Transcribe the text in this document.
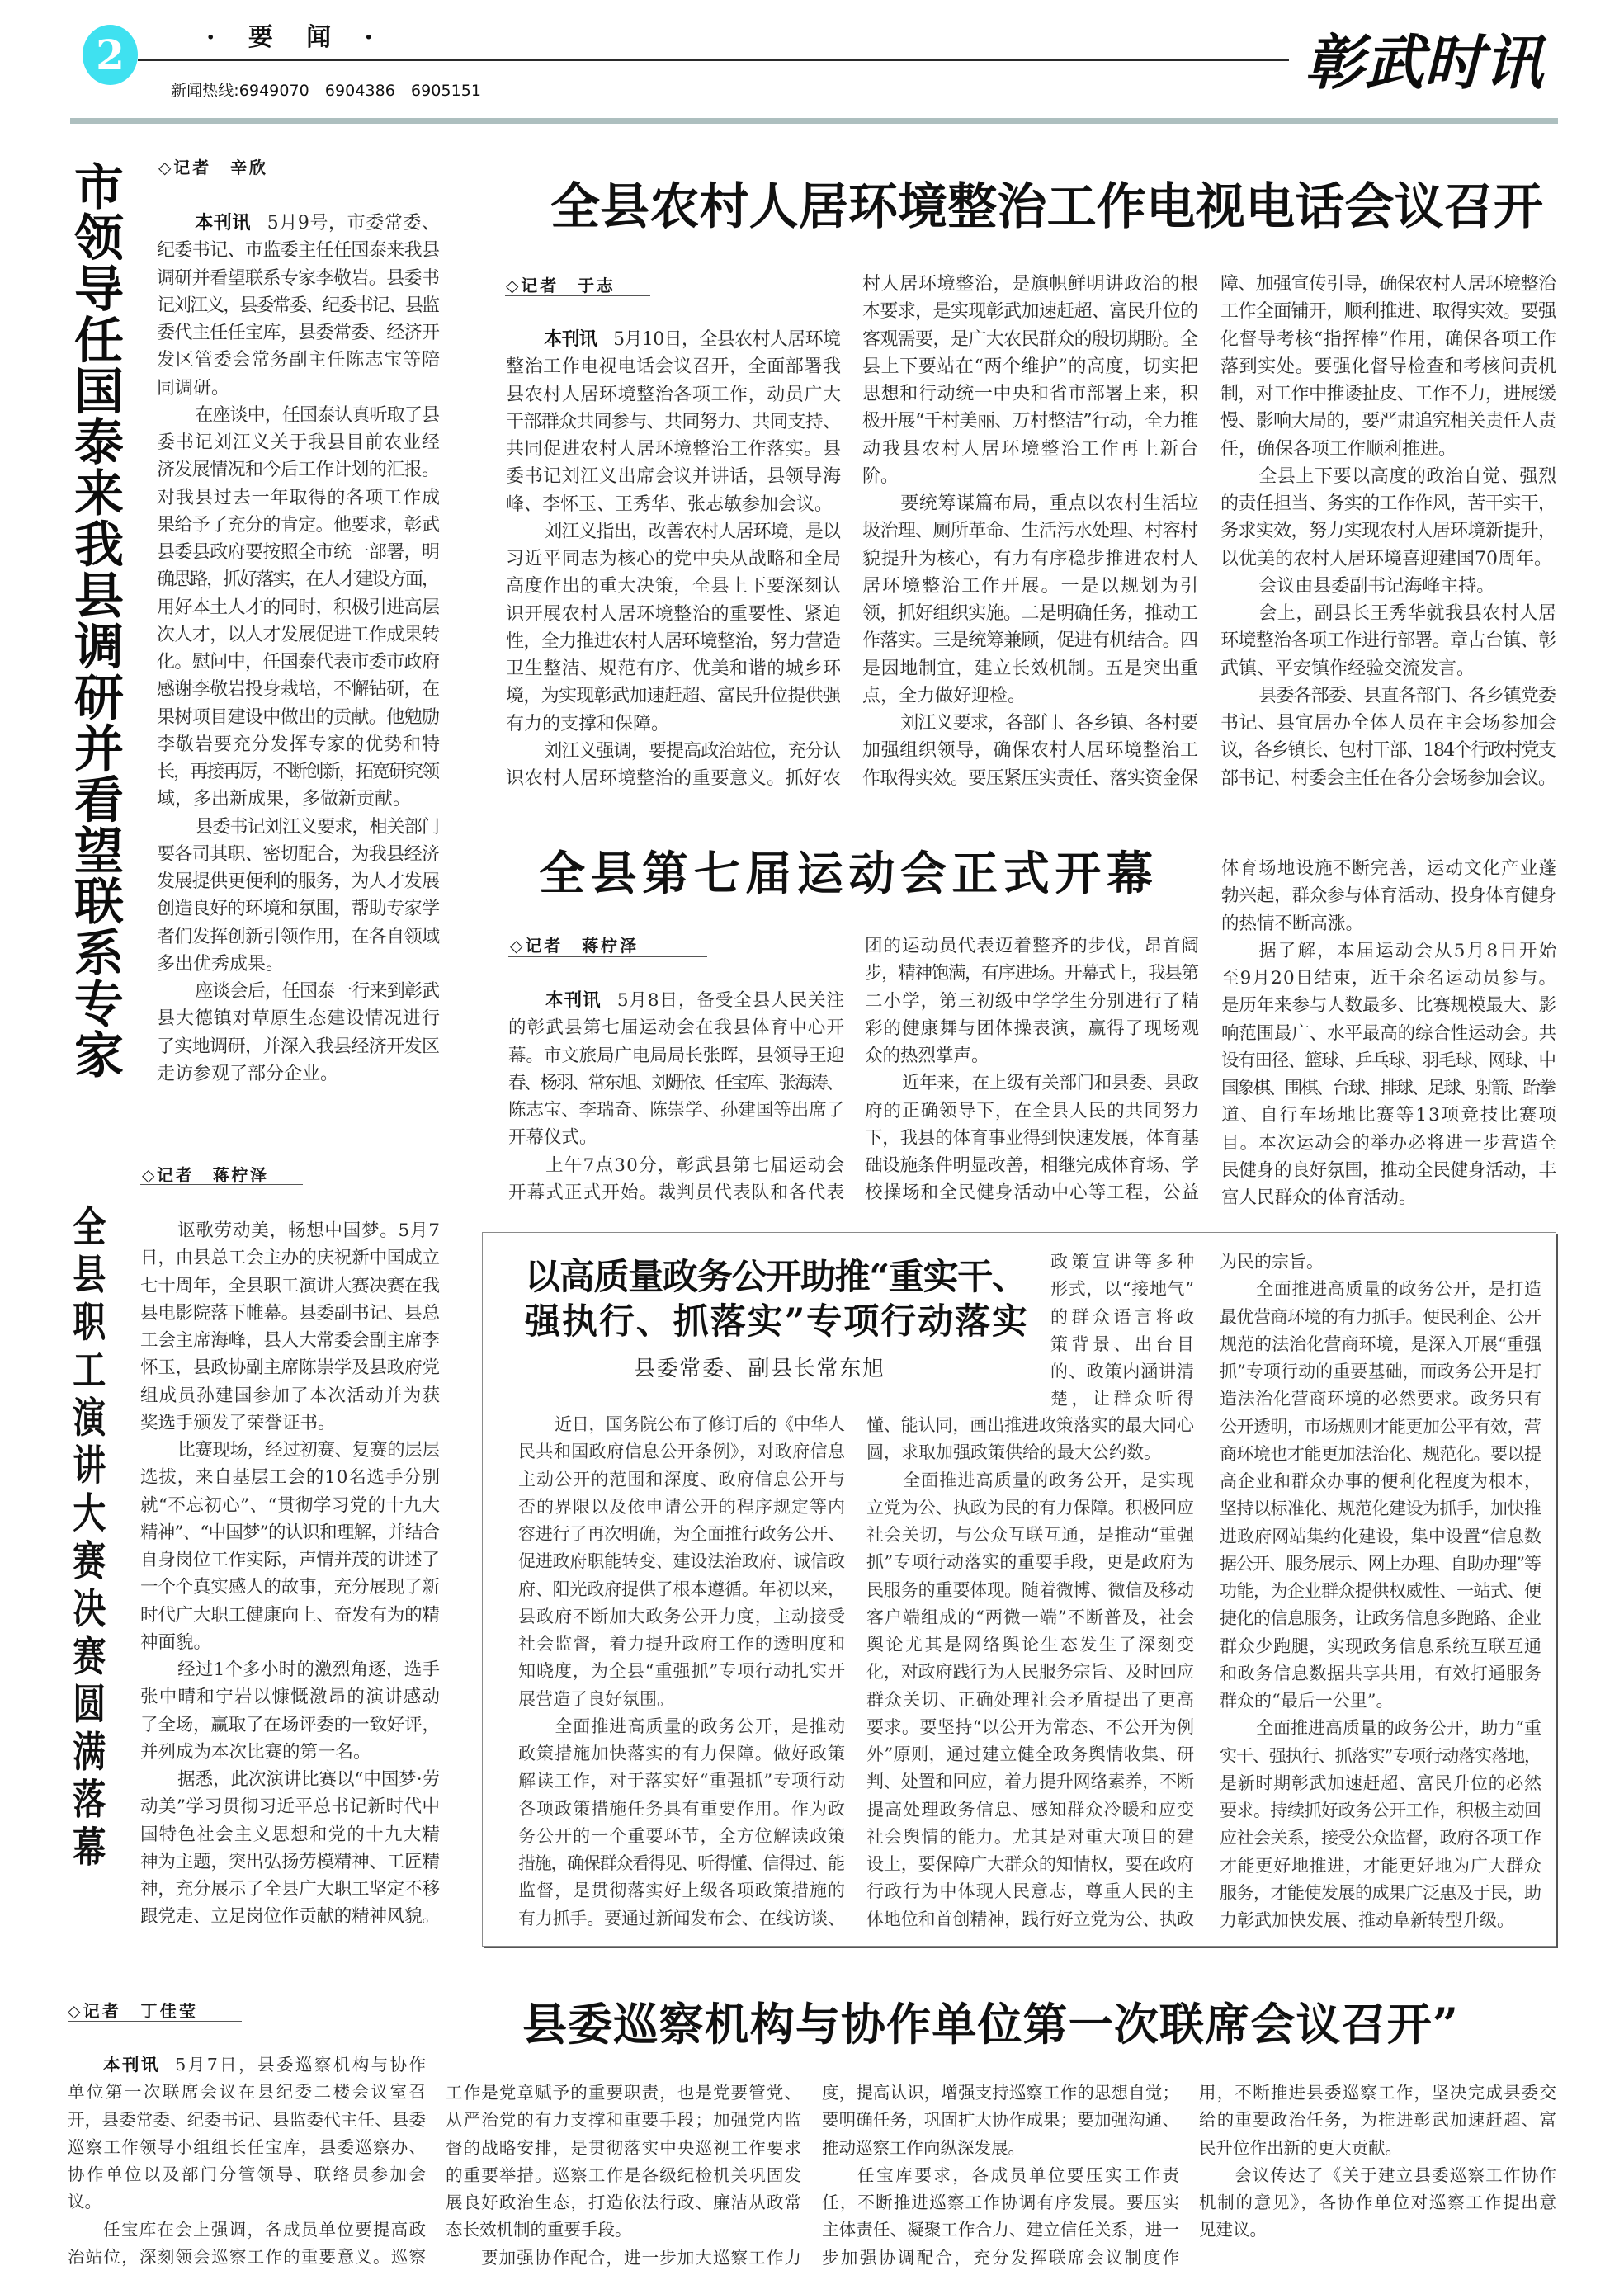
2	·要闻·
新闻热线:6949070　6904386　6905151	彰武时讯
市领导任国泰来我县调研并看望联系专家 ◇记者　辛欣
本刊讯 5月9号，市委常委、
纪委书记、市监委主任任国泰来我县
调研并看望联系专家李敬岩。县委书
记刘江义，县委常委、纪委书记、县监
委代主任任宝库，县委常委、经济开
发区管委会常务副主任陈志宝等陪
同调研。
在座谈中，任国泰认真听取了县
委书记刘江义关于我县目前农业经
济发展情况和今后工作计划的汇报。
对我县过去一年取得的各项工作成
果给予了充分的肯定。他要求，彰武
县委县政府要按照全市统一部署，明
确思路，抓好落实，在人才建设方面，
用好本土人才的同时，积极引进高层
次人才，以人才发展促进工作成果转
化。慰问中，任国泰代表市委市政府
感谢李敬岩投身栽培，不懈钻研，在
果树项目建设中做出的贡献。他勉励
李敬岩要充分发挥专家的优势和特
长，再接再厉，不断创新，拓宽研究领
域，多出新成果，多做新贡献。
县委书记刘江义要求，相关部门
要各司其职、密切配合，为我县经济
发展提供更便利的服务，为人才发展
创造良好的环境和氛围，帮助专家学
者们发挥创新引领作用，在各自领域
多出优秀成果。
座谈会后，任国泰一行来到彰武
县大德镇对草原生态建设情况进行
了实地调研，并深入我县经济开发区
走访参观了部分企业。
全县农村人居环境整治工作电视电话会议召开
◇记者　于志
本刊讯 5月10日，全县农村人居环境
整治工作电视电话会议召开，全面部署我
县农村人居环境整治各项工作，动员广大
干部群众共同参与、共同努力、共同支持、
共同促进农村人居环境整治工作落实。县
委书记刘江义出席会议并讲话，县领导海
峰、李怀玉、王秀华、张志敏参加会议。
刘江义指出，改善农村人居环境，是以
习近平同志为核心的党中央从战略和全局
高度作出的重大决策，全县上下要深刻认
识开展农村人居环境整治的重要性、紧迫
性，全力推进农村人居环境整治，努力营造
卫生整洁、规范有序、优美和谐的城乡环
境，为实现彰武加速赶超、富民升位提供强
有力的支撑和保障。
刘江义强调，要提高政治站位，充分认
识农村人居环境整治的重要意义。抓好农
村人居环境整治，是旗帜鲜明讲政治的根
本要求，是实现彰武加速赶超、富民升位的
客观需要，是广大农民群众的殷切期盼。全
县上下要站在“两个维护”的高度，切实把
思想和行动统一中央和省市部署上来，积
极开展“千村美丽、万村整洁”行动，全力推
动我县农村人居环境整治工作再上新台
阶。
要统筹谋篇布局，重点以农村生活垃
圾治理、厕所革命、生活污水处理、村容村
貌提升为核心，有力有序稳步推进农村人
居环境整治工作开展。一是以规划为引
领，抓好组织实施。二是明确任务，推动工
作落实。三是统筹兼顾，促进有机结合。四
是因地制宜，建立长效机制。五是突出重
点，全力做好迎检。
刘江义要求，各部门、各乡镇、各村要
加强组织领导，确保农村人居环境整治工
作取得实效。要压紧压实责任、落实资金保
障、加强宣传引导，确保农村人居环境整治
工作全面铺开，顺利推进、取得实效。要强
化督导考核“指挥棒”作用，确保各项工作
落到实处。要强化督导检查和考核问责机
制，对工作中推诿扯皮、工作不力，进展缓
慢、影响大局的，要严肃追究相关责任人责
任，确保各项工作顺利推进。
全县上下要以高度的政治自觉、强烈
的责任担当、务实的工作作风，苦干实干，
务求实效，努力实现农村人居环境新提升，
以优美的农村人居环境喜迎建国70周年。
会议由县委副书记海峰主持。
会上，副县长王秀华就我县农村人居
环境整治各项工作进行部署。章古台镇、彰
武镇、平安镇作经验交流发言。
县委各部委、县直各部门、各乡镇党委
书记、县宜居办全体人员在主会场参加会
议，各乡镇长、包村干部、184个行政村党支
部书记、村委会主任在各分会场参加会议。
全县第七届运动会正式开幕
◇记者　蒋柠泽
本刊讯 5月8日，备受全县人民关注
的彰武县第七届运动会在我县体育中心开
幕。市文旅局广电局局长张晖，县领导王迎
春、杨羽、常东旭、刘姗依、任宝库、张海涛、
陈志宝、李瑞奇、陈崇学、孙建国等出席了
开幕仪式。
上午7点30分，彰武县第七届运动会
开幕式正式开始。裁判员代表队和各代表
团的运动员代表迈着整齐的步伐，昂首阔
步，精神饱满，有序进场。开幕式上，我县第
二小学，第三初级中学学生分别进行了精
彩的健康舞与团体操表演，赢得了现场观
众的热烈掌声。
近年来，在上级有关部门和县委、县政
府的正确领导下，在全县人民的共同努力
下，我县的体育事业得到快速发展，体育基
础设施条件明显改善，相继完成体育场、学
校操场和全民健身活动中心等工程，公益
体育场地设施不断完善，运动文化产业蓬
勃兴起，群众参与体育活动、投身体育健身
的热情不断高涨。
据了解，本届运动会从5月8日开始
至9月20日结束，近千余名运动员参与。
是历年来参与人数最多、比赛规模最大、影
响范围最广、水平最高的综合性运动会。共
设有田径、篮球、乒乓球、羽毛球、网球、中
国象棋、围棋、台球、排球、足球、射箭、跆拳
道、自行车场地比赛等13项竞技比赛项
目。本次运动会的举办必将进一步营造全
民健身的良好氛围，推动全民健身活动，丰
富人民群众的体育活动。
◇记者　蒋柠泽
全县职工演讲大赛决赛圆满落幕	讴歌劳动美，畅想中国梦。5月7
日，由县总工会主办的庆祝新中国成立
七十周年，全县职工演讲大赛决赛在我
县电影院落下帷幕。县委副书记、县总
工会主席海峰，县人大常委会副主席李
怀玉，县政协副主席陈崇学及县政府党
组成员孙建国参加了本次活动并为获
奖选手颁发了荣誉证书。
比赛现场，经过初赛、复赛的层层
选拔，来自基层工会的10名选手分别
就“不忘初心”、“贯彻学习党的十九大
精神”、“中国梦”的认识和理解，并结合
自身岗位工作实际，声情并茂的讲述了
一个个真实感人的故事，充分展现了新
时代广大职工健康向上、奋发有为的精
神面貌。
经过1个多小时的激烈角逐，选手
张中晴和宁岩以慷慨激昂的演讲感动
了全场，赢取了在场评委的一致好评，
并列成为本次比赛的第一名。
据悉，此次演讲比赛以“中国梦·劳
动美”学习贯彻习近平总书记新时代中
国特色社会主义思想和党的十九大精
神为主题，突出弘扬劳模精神、工匠精
神，充分展示了全县广大职工坚定不移
跟党走、立足岗位作贡献的精神风貌。
以高质量政务公开助推“重实干、
强执行、抓落实”专项行动落实
县委常委、副县长常东旭
近日，国务院公布了修订后的《中华人
民共和国政府信息公开条例》，对政府信息
主动公开的范围和深度、政府信息公开与
否的界限以及依申请公开的程序规定等内
容进行了再次明确，为全面推行政务公开、
促进政府职能转变、建设法治政府、诚信政
府、阳光政府提供了根本遵循。年初以来，
县政府不断加大政务公开力度，主动接受
社会监督，着力提升政府工作的透明度和
知晓度，为全县“重强抓”专项行动扎实开
展营造了良好氛围。
全面推进高质量的政务公开，是推动
政策措施加快落实的有力保障。做好政策
解读工作，对于落实好“重强抓”专项行动
各项政策措施任务具有重要作用。作为政
务公开的一个重要环节，全方位解读政策
措施，确保群众看得见、听得懂、信得过、能
监督，是贯彻落实好上级各项政策措施的
有力抓手。要通过新闻发布会、在线访谈、
政策宣讲等多种
形式，以“接地气”
的群众语言将政
策背景、出台目
的、政策内涵讲清
楚，让群众听得
懂、能认同，画出推进政策落实的最大同心
圆，求取加强政策供给的最大公约数。
全面推进高质量的政务公开，是实现
立党为公、执政为民的有力保障。积极回应
社会关切，与公众互联互通，是推动“重强
抓”专项行动落实的重要手段，更是政府为
民服务的重要体现。随着微博、微信及移动
客户端组成的“两微一端”不断普及，社会
舆论尤其是网络舆论生态发生了深刻变
化，对政府践行为人民服务宗旨、及时回应
群众关切、正确处理社会矛盾提出了更高
要求。要坚持“以公开为常态、不公开为例
外”原则，通过建立健全政务舆情收集、研
判、处置和回应，着力提升网络素养，不断
提高处理政务信息、感知群众冷暖和应变
社会舆情的能力。尤其是对重大项目的建
设上，要保障广大群众的知情权，要在政府
行政行为中体现人民意志，尊重人民的主
体地位和首创精神，践行好立党为公、执政
为民的宗旨。
全面推进高质量的政务公开，是打造
最优营商环境的有力抓手。便民利企、公开
规范的法治化营商环境，是深入开展“重强
抓”专项行动的重要基础，而政务公开是打
造法治化营商环境的必然要求。政务只有
公开透明，市场规则才能更加公平有效，营
商环境也才能更加法治化、规范化。要以提
高企业和群众办事的便利化程度为根本，
坚持以标准化、规范化建设为抓手，加快推
进政府网站集约化建设，集中设置“信息数
据公开、服务展示、网上办理、自助办理”等
功能，为企业群众提供权威性、一站式、便
捷化的信息服务，让政务信息多跑路、企业
群众少跑腿，实现政务信息系统互联互通
和政务信息数据共享共用，有效打通服务
群众的“最后一公里”。
全面推进高质量的政务公开，助力“重
实干、强执行、抓落实”专项行动落实落地，
是新时期彰武加速赶超、富民升位的必然
要求。持续抓好政务公开工作，积极主动回
应社会关系，接受公众监督，政府各项工作
才能更好地推进，才能更好地为广大群众
服务，才能使发展的成果广泛惠及于民，助
力彰武加快发展、推动阜新转型升级。
◇记者　丁佳莹	县委巡察机构与协作单位第一次联席会议召开”
本刊讯 5月7日，县委巡察机构与协作
单位第一次联席会议在县纪委二楼会议室召
开，县委常委、纪委书记、县监委代主任、县委
巡察工作领导小组组长任宝库，县委巡察办、
协作单位以及部门分管领导、联络员参加会
议。
任宝库在会上强调，各成员单位要提高政
治站位，深刻领会巡察工作的重要意义。巡察
工作是党章赋予的重要职责，也是党要管党、
从严治党的有力支撑和重要手段；加强党内监
督的战略安排，是贯彻落实中央巡视工作要求
的重要举措。巡察工作是各级纪检机关巩固发
展良好政治生态，打造依法行政、廉洁从政常
态长效机制的重要手段。
要加强协作配合，进一步加大巡察工作力
度，提高认识，增强支持巡察工作的思想自觉；
要明确任务，巩固扩大协作成果；要加强沟通、
推动巡察工作向纵深发展。
任宝库要求，各成员单位要压实工作责
任，不断推进巡察工作协调有序发展。要压实
主体责任、凝聚工作合力、建立信任关系，进一
步加强协调配合，充分发挥联席会议制度作
用，不断推进县委巡察工作，坚决完成县委交
给的重要政治任务，为推进彰武加速赶超、富
民升位作出新的更大贡献。
会议传达了《关于建立县委巡察工作协作
机制的意见》，各协作单位对巡察工作提出意
见建议。
